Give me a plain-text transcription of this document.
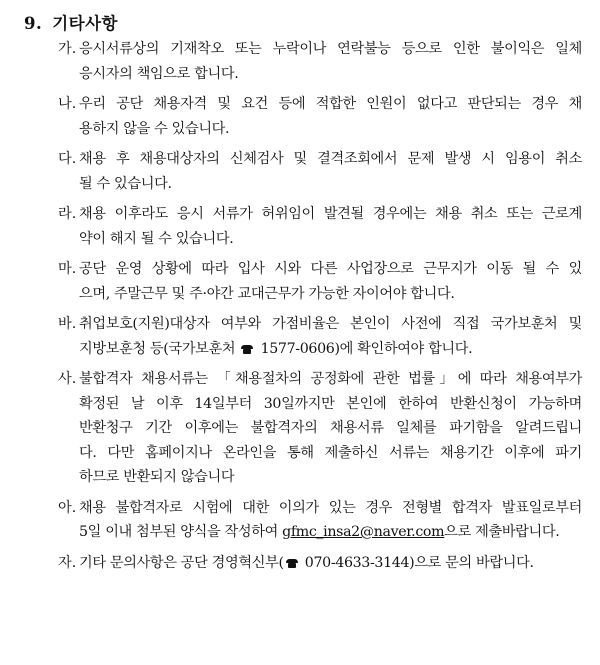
9. 기타사항
가. 응시서류상의 기재착오 또는 누락이나 연락불능 등으로 인한 불이익은 일체
응시자의 책임으로 합니다.
나. 우리 공단 채용자격 및 요건 등에 적합한 인원이 없다고 판단되는 경우 채
용하지 않을 수 있습니다.
다. 채용 후 채용대상자의 신체검사 및 결격조회에서 문제 발생 시 임용이 취소
될 수 있습니다.
라. 채용 이후라도 응시 서류가 허위임이 발견될 경우에는 채용 취소 또는 근로계
약이 해지 될 수 있습니다.
마. 공단 운영 상황에 따라 입사 시와 다른 사업장으로 근무지가 이동 될 수 있
으며, 주말근무 및 주·야간 교대근무가 가능한 자이어야 합니다.
바. 취업보호(지원)대상자 여부와 가점비율은 본인이 사전에 직접 국가보훈처 및
지방보훈청 등(국가보훈처  1577-0606)에 확인하여야 합니다.
사. 불합격자 채용서류는 「채용절차의 공정화에 관한 법률」에 따라 채용여부가
확정된 날 이후 14일부터 30일까지만 본인에 한하여 반환신청이 가능하며
반환청구 기간 이후에는 불합격자의 채용서류 일체를 파기함을 알려드립니
다. 다만 홈페이지나 온라인을 통해 제출하신 서류는 채용기간 이후에 파기
하므로 반환되지 않습니다
아. 채용 불합격자로 시험에 대한 이의가 있는 경우 전형별 합격자 발표일로부터
5일 이내 첨부된 양식을 작성하여 gfmc_insa2@naver.com으로 제출바랍니다.
자. 기타 문의사항은 공단 경영혁신부( 070-4633-3144)으로 문의 바랍니다.
